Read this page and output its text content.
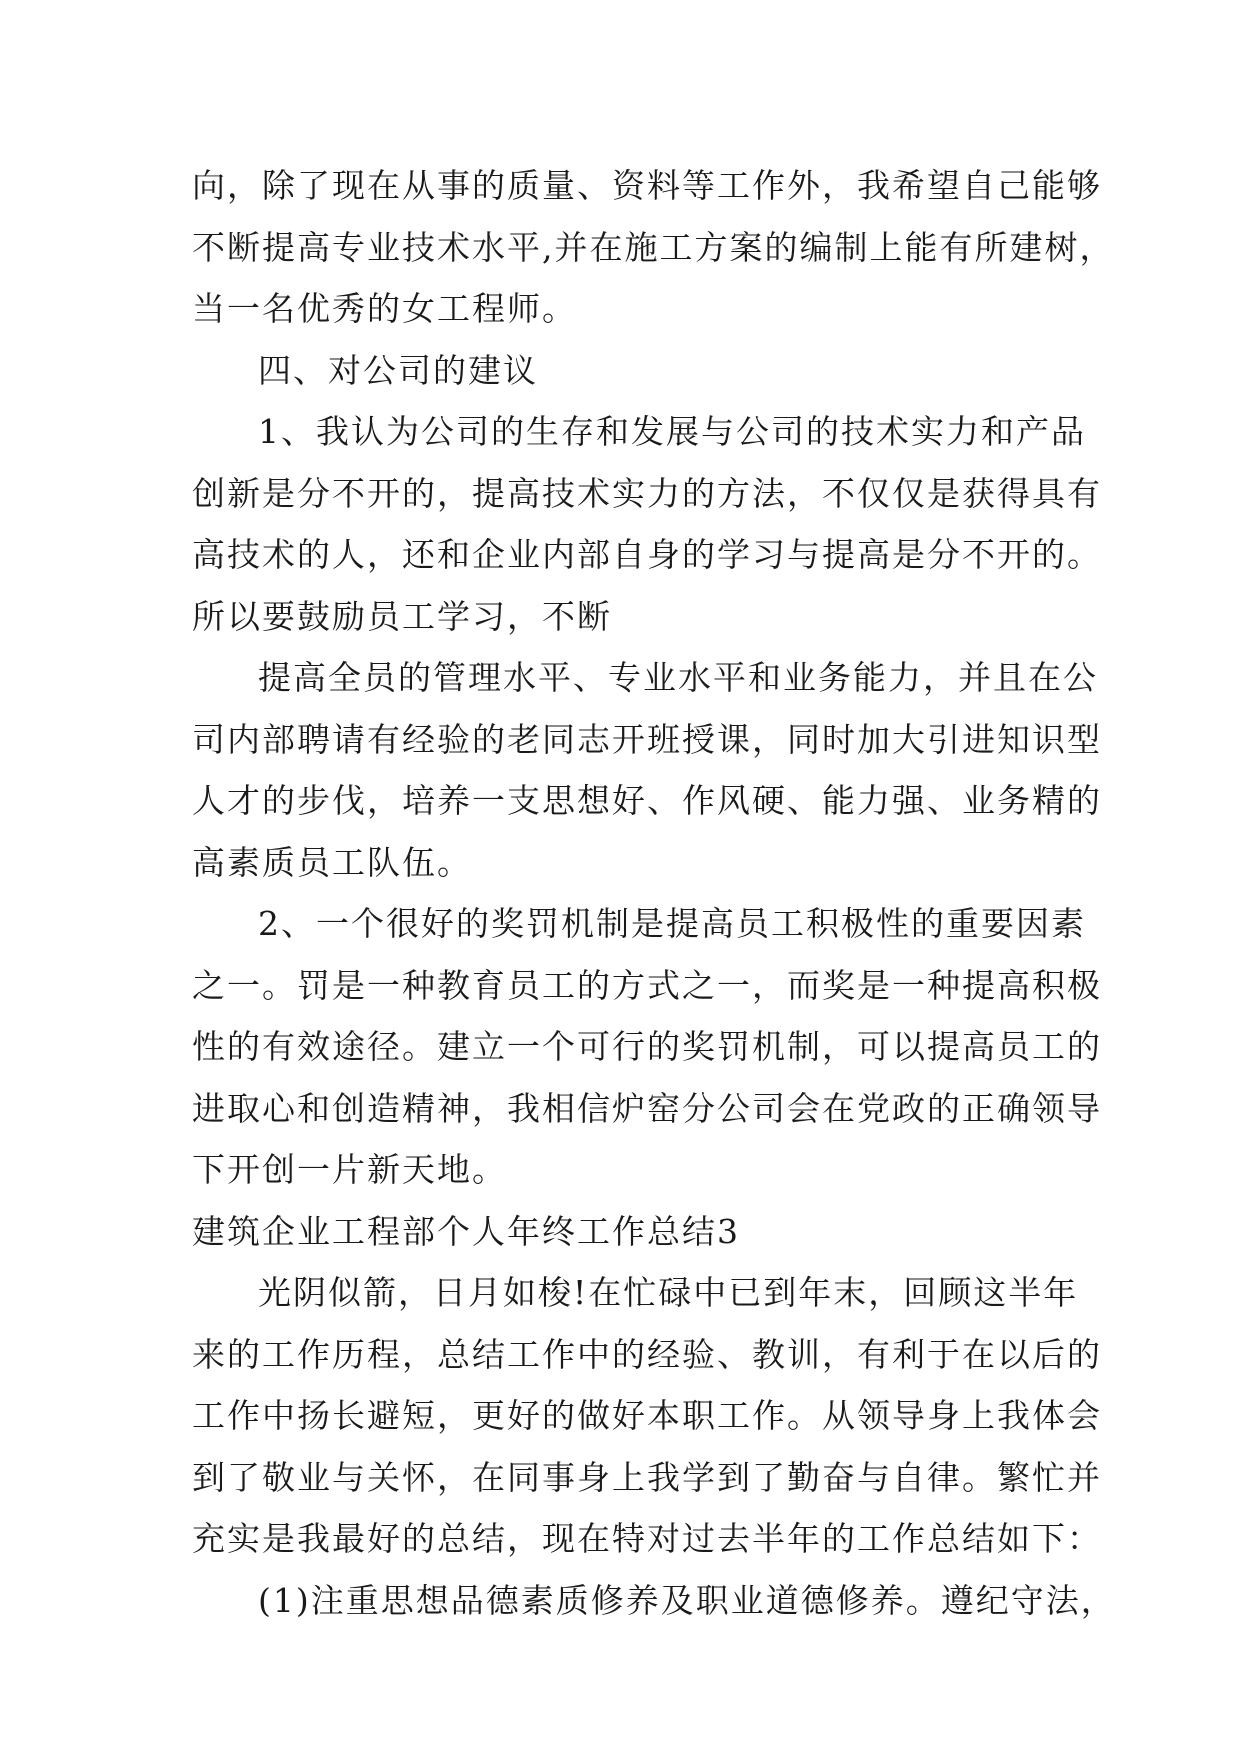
向，除了现在从事的质量、资料等工作外，我希望自己能够
不断提高专业技术水平,并在施工方案的编制上能有所建树，
当一名优秀的女工程师。
四、对公司的建议
1、我认为公司的生存和发展与公司的技术实力和产品
创新是分不开的，提高技术实力的方法，不仅仅是获得具有
高技术的人，还和企业内部自身的学习与提高是分不开的。
所以要鼓励员工学习，不断
提高全员的管理水平、专业水平和业务能力，并且在公
司内部聘请有经验的老同志开班授课，同时加大引进知识型
人才的步伐，培养一支思想好、作风硬、能力强、业务精的
高素质员工队伍。
2、一个很好的奖罚机制是提高员工积极性的重要因素
之一。罚是一种教育员工的方式之一，而奖是一种提高积极
性的有效途径。建立一个可行的奖罚机制，可以提高员工的
进取心和创造精神，我相信炉窑分公司会在党政的正确领导
下开创一片新天地。
建筑企业工程部个人年终工作总结3
光阴似箭，日月如梭!在忙碌中已到年末，回顾这半年
来的工作历程，总结工作中的经验、教训，有利于在以后的
工作中扬长避短，更好的做好本职工作。从领导身上我体会
到了敬业与关怀，在同事身上我学到了勤奋与自律。繁忙并
充实是我最好的总结，现在特对过去半年的工作总结如下：
(1)注重思想品德素质修养及职业道德修养。遵纪守法，
